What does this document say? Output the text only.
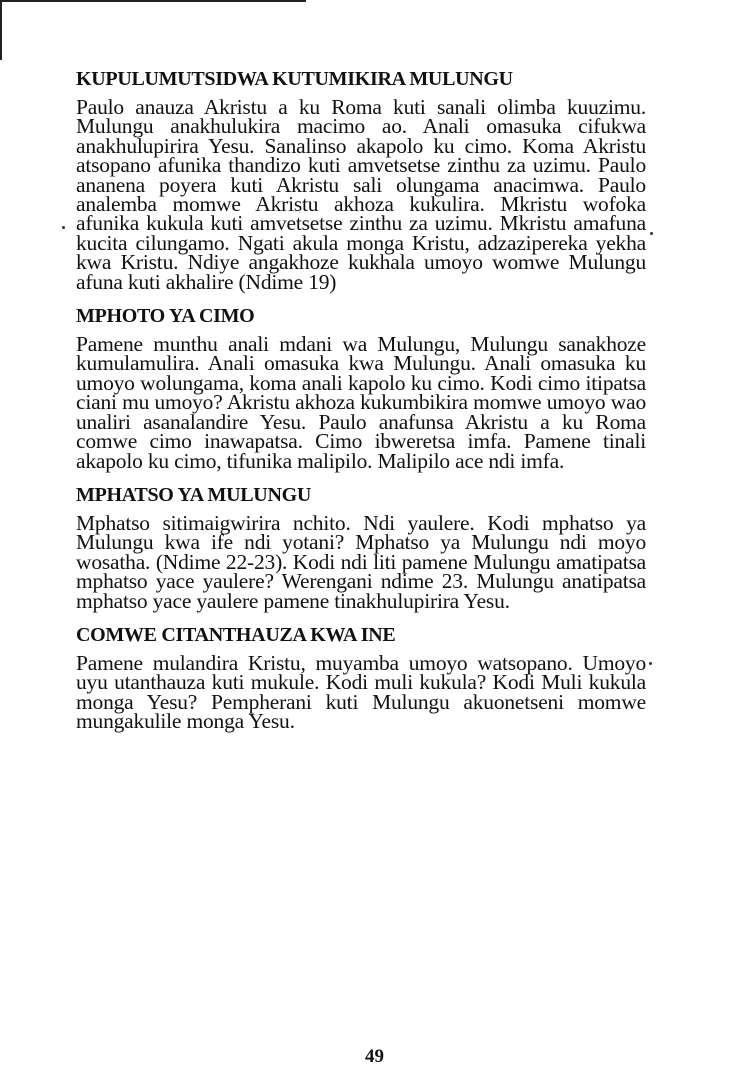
KUPULUMUTSIDWA KUTUMIKIRA MULUNGU

Paulo anauza Akristu a ku Roma kuti sanali olimba kuuzimu. Mulungu anakhulukira macimo ao. Anali omasuka cifukwa anakhulupirira Yesu. Sanalinso akapolo ku cimo. Koma Akristu atsopano afunika thandizo kuti amvetsetse zinthu za uzimu. Paulo ananena poyera kuti Akristu sali olungama anacimwa. Paulo analemba momwe Akristu akhoza kukulira. Mkristu wofoka afunika kukula kuti amvetsetse zinthu za uzimu. Mkristu amafuna kucita cilungamo. Ngati akula monga Kristu, adzazipereka yekha kwa Kristu. Ndiye angakhoze kukhala umoyo womwe Mulungu afuna kuti akhalire (Ndime 19)

MPHOTO YA CIMO

Pamene munthu anali mdani wa Mulungu, Mulungu sanakhoze kumulamulira. Anali omasuka kwa Mulungu. Anali omasuka ku umoyo wolungama, koma anali kapolo ku cimo. Kodi cimo itipatsa ciani mu umoyo? Akristu akhoza kukumbikira momwe umoyo wao unaliri asanalandire Yesu. Paulo anafunsa Akristu a ku Roma comwe cimo inawapatsa. Cimo ibweretsa imfa. Pamene tinali akapolo ku cimo, tifunika malipilo. Malipilo ace ndi imfa.

MPHATSO YA MULUNGU

Mphatso sitimaigwirira nchito. Ndi yaulere. Kodi mphatso ya Mulungu kwa ife ndi yotani? Mphatso ya Mulungu ndi moyo wosatha. (Ndime 22-23). Kodi ndi liti pamene Mulungu amatipatsa mphatso yace yaulere? Werengani ndime 23. Mulungu anatipatsa mphatso yace yaulere pamene tinakhulupirira Yesu.

COMWE CITANTHAUZA KWA INE

Pamene mulandira Kristu, muyamba umoyo watsopano. Umoyo uyu utanthauza kuti mukule. Kodi muli kukula? Kodi Muli kukula monga Yesu? Pempherani kuti Mulungu akuonetseni momwe mungakulile monga Yesu.

49
